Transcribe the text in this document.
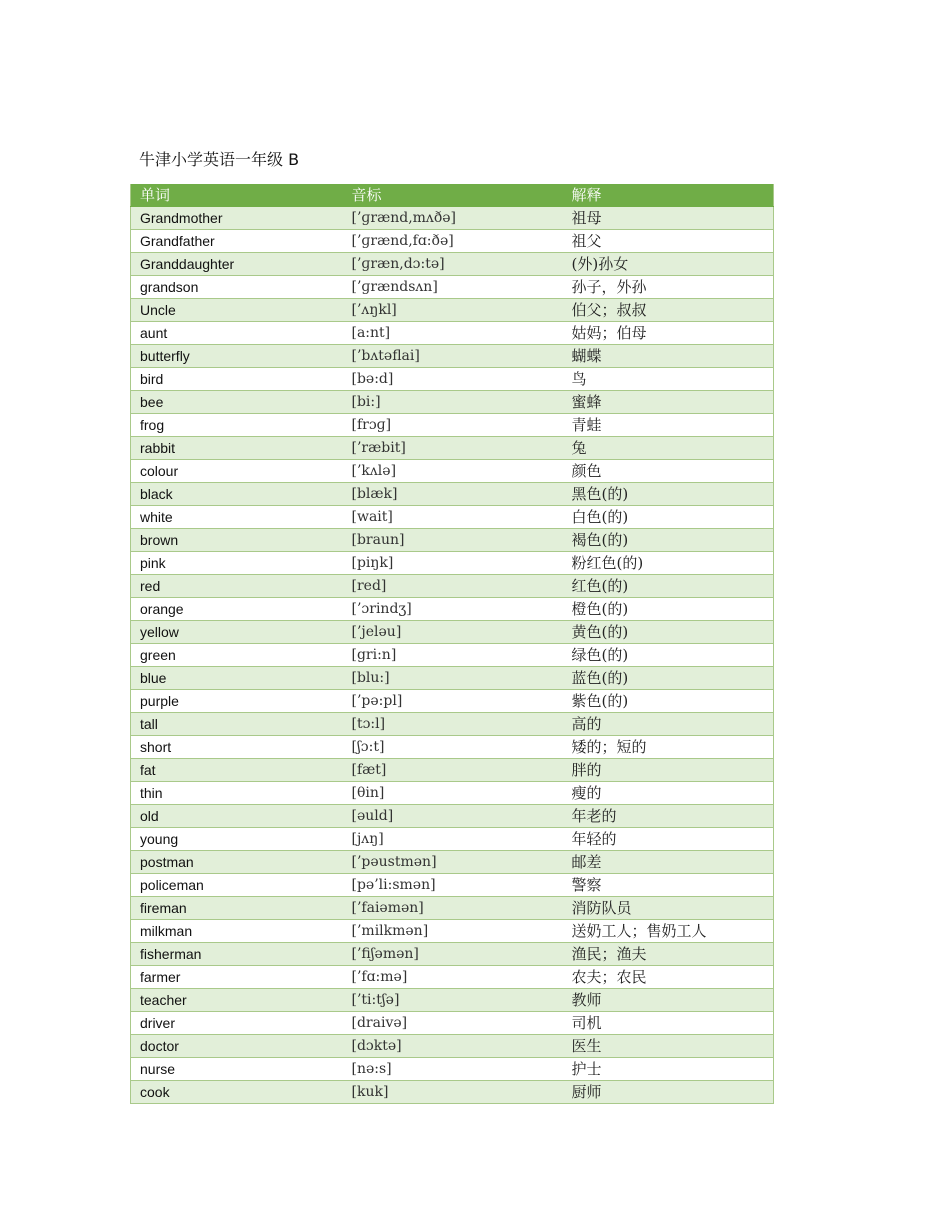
牛津小学英语一年级 B
单词	音标	解释
Grandmother	[’ɡrænd,mʌðə]	祖母
Grandfather	[’ɡrænd,fɑ:ðə]	祖父
Granddaughter	[’ɡræn,dɔ:tə]	(外)孙女
grandson	[’ɡrændsʌn]	孙子，外孙
Uncle	[’ʌŋkl]	伯父；叔叔
aunt	[a:nt]	姑妈；伯母
butterfly	[’bʌtəflai]	蝴蝶
bird	[bə:d]	鸟
bee	[bi:]	蜜蜂
frog	[frɔɡ]	青蛙
rabbit	[’ræbit]	兔
colour	[’kʌlə]	颜色
black	[blæk]	黑色(的)
white	[wait]	白色(的)
brown	[braun]	褐色(的)
pink	[piŋk]	粉红色(的)
red	[red]	红色(的)
orange	[’ɔrindʒ]	橙色(的)
yellow	[’jeləu]	黄色(的)
green	[gri:n]	绿色(的)
blue	[blu:]	蓝色(的)
purple	[’pə:pl]	紫色(的)
tall	[tɔ:l]	高的
short	[ʃɔ:t]	矮的；短的
fat	[fæt]	胖的
thin	[θin]	瘦的
old	[əuld]	年老的
young	[jʌŋ]	年轻的
postman	[’pəustmən]	邮差
policeman	[pə’li:smən]	警察
fireman	[’faiəmən]	消防队员
milkman	[’milkmən]	送奶工人；售奶工人
fisherman	[’fiʃəmən]	渔民；渔夫
farmer	[’fɑ:mə]	农夫；农民
teacher	[’ti:tʃə]	教师
driver	[draivə]	司机
doctor	[dɔktə]	医生
nurse	[nə:s]	护士
cook	[kuk]	厨师
